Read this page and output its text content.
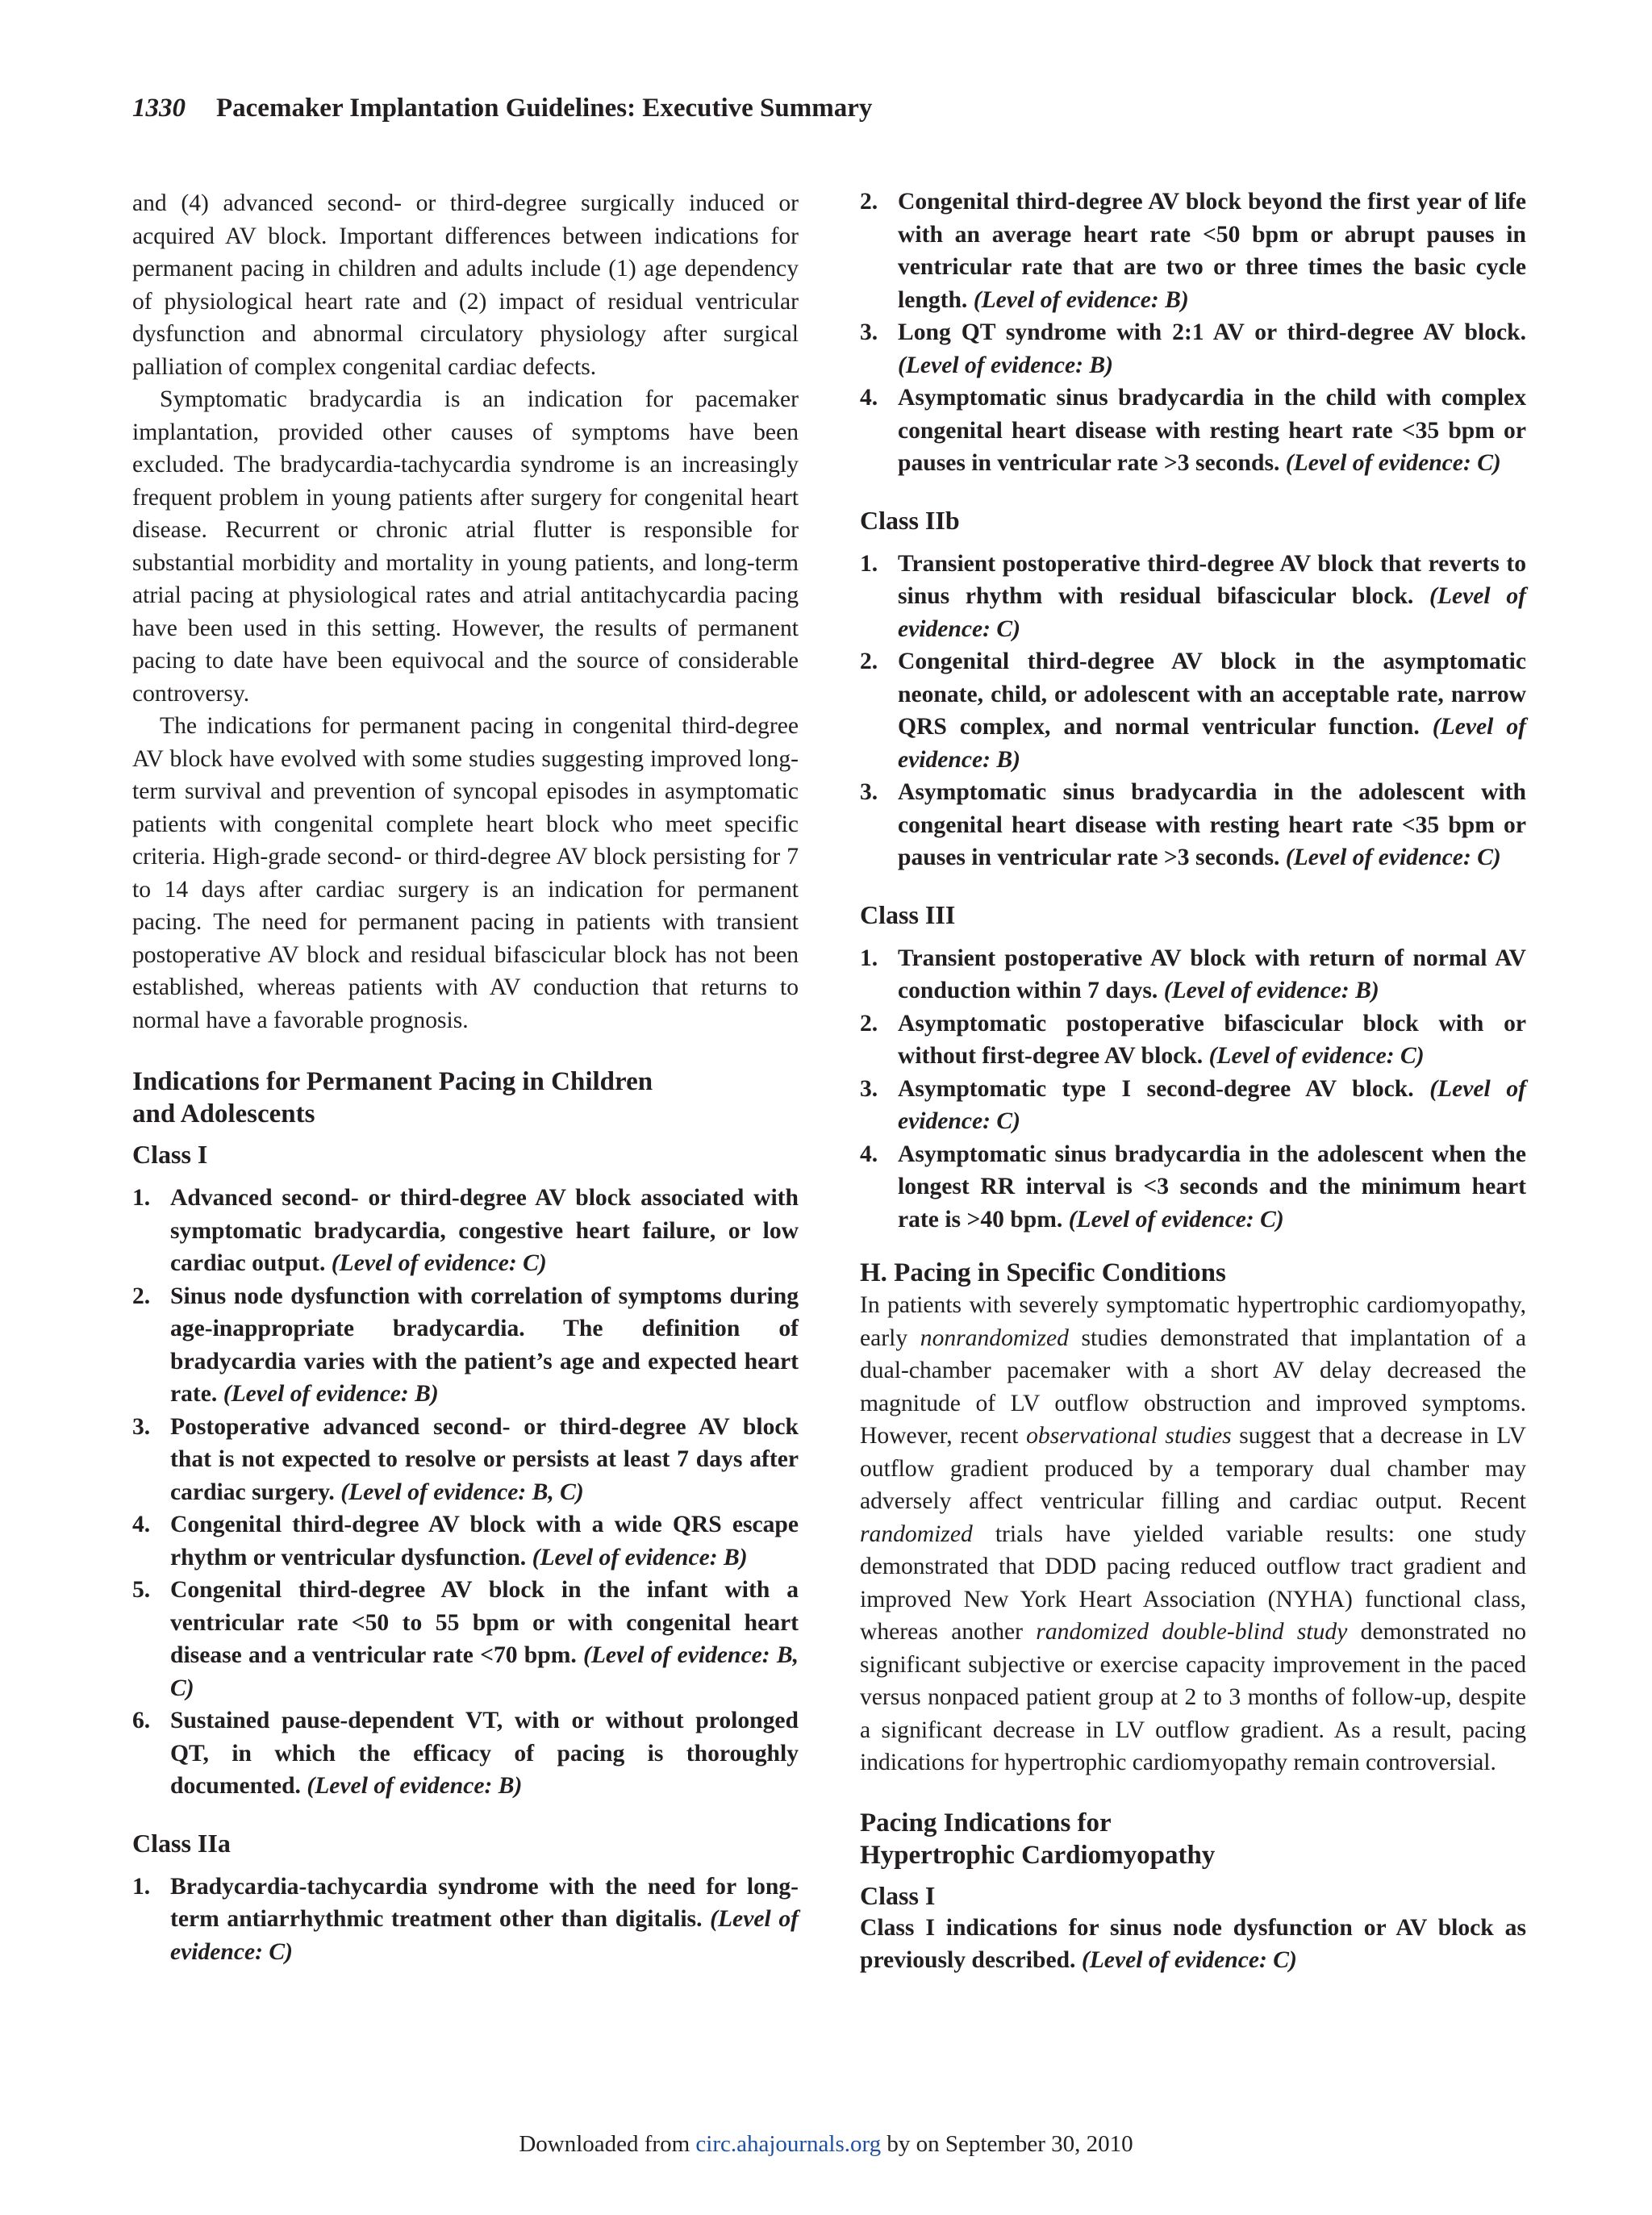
1330 Pacemaker Implantation Guidelines: Executive Summary

and (4) advanced second- or third-degree surgically induced or acquired AV block. Important differences between indications for permanent pacing in children and adults include (1) age dependency of physiological heart rate and (2) impact of residual ventricular dysfunction and abnormal circulatory physiology after surgical palliation of complex congenital cardiac defects.

Symptomatic bradycardia is an indication for pacemaker implantation, provided other causes of symptoms have been excluded. The bradycardia-tachycardia syndrome is an increasingly frequent problem in young patients after surgery for congenital heart disease. Recurrent or chronic atrial flutter is responsible for substantial morbidity and mortality in young patients, and long-term atrial pacing at physiological rates and atrial antitachycardia pacing have been used in this setting. However, the results of permanent pacing to date have been equivocal and the source of considerable controversy.

The indications for permanent pacing in congenital third-degree AV block have evolved with some studies suggesting improved long-term survival and prevention of syncopal episodes in asymptomatic patients with congenital complete heart block who meet specific criteria. High-grade second- or third-degree AV block persisting for 7 to 14 days after cardiac surgery is an indication for permanent pacing. The need for permanent pacing in patients with transient postoperative AV block and residual bifascicular block has not been established, whereas patients with AV conduction that returns to normal have a favorable prognosis.

Indications for Permanent Pacing in Children
and Adolescents
Class I
1. Advanced second- or third-degree AV block associated with symptomatic bradycardia, congestive heart failure, or low cardiac output. (Level of evidence: C)
2. Sinus node dysfunction with correlation of symptoms during age-inappropriate bradycardia. The definition of bradycardia varies with the patient’s age and expected heart rate. (Level of evidence: B)
3. Postoperative advanced second- or third-degree AV block that is not expected to resolve or persists at least 7 days after cardiac surgery. (Level of evidence: B, C)
4. Congenital third-degree AV block with a wide QRS escape rhythm or ventricular dysfunction. (Level of evidence: B)
5. Congenital third-degree AV block in the infant with a ventricular rate <50 to 55 bpm or with congenital heart disease and a ventricular rate <70 bpm. (Level of evidence: B, C)
6. Sustained pause-dependent VT, with or without prolonged QT, in which the efficacy of pacing is thoroughly documented. (Level of evidence: B)
Class IIa
1. Bradycardia-tachycardia syndrome with the need for long-term antiarrhythmic treatment other than digitalis. (Level of evidence: C)
2. Congenital third-degree AV block beyond the first year of life with an average heart rate <50 bpm or abrupt pauses in ventricular rate that are two or three times the basic cycle length. (Level of evidence: B)
3. Long QT syndrome with 2:1 AV or third-degree AV block. (Level of evidence: B)
4. Asymptomatic sinus bradycardia in the child with complex congenital heart disease with resting heart rate <35 bpm or pauses in ventricular rate >3 seconds. (Level of evidence: C)
Class IIb
1. Transient postoperative third-degree AV block that reverts to sinus rhythm with residual bifascicular block. (Level of evidence: C)
2. Congenital third-degree AV block in the asymptomatic neonate, child, or adolescent with an acceptable rate, narrow QRS complex, and normal ventricular function. (Level of evidence: B)
3. Asymptomatic sinus bradycardia in the adolescent with congenital heart disease with resting heart rate <35 bpm or pauses in ventricular rate >3 seconds. (Level of evidence: C)
Class III
1. Transient postoperative AV block with return of normal AV conduction within 7 days. (Level of evidence: B)
2. Asymptomatic postoperative bifascicular block with or without first-degree AV block. (Level of evidence: C)
3. Asymptomatic type I second-degree AV block. (Level of evidence: C)
4. Asymptomatic sinus bradycardia in the adolescent when the longest RR interval is <3 seconds and the minimum heart rate is >40 bpm. (Level of evidence: C)
H. Pacing in Specific Conditions

In patients with severely symptomatic hypertrophic cardiomyopathy, early nonrandomized studies demonstrated that implantation of a dual-chamber pacemaker with a short AV delay decreased the magnitude of LV outflow obstruction and improved symptoms. However, recent observational studies suggest that a decrease in LV outflow gradient produced by a temporary dual chamber may adversely affect ventricular filling and cardiac output. Recent randomized trials have yielded variable results: one study demonstrated that DDD pacing reduced outflow tract gradient and improved New York Heart Association (NYHA) functional class, whereas another randomized double-blind study demonstrated no significant subjective or exercise capacity improvement in the paced versus nonpaced patient group at 2 to 3 months of follow-up, despite a significant decrease in LV outflow gradient. As a result, pacing indications for hypertrophic cardiomyopathy remain controversial.

Pacing Indications for
Hypertrophic Cardiomyopathy
Class I

Class I indications for sinus node dysfunction or AV block as previously described. (Level of evidence: C)

Downloaded from circ.ahajournals.org by on September 30, 2010
